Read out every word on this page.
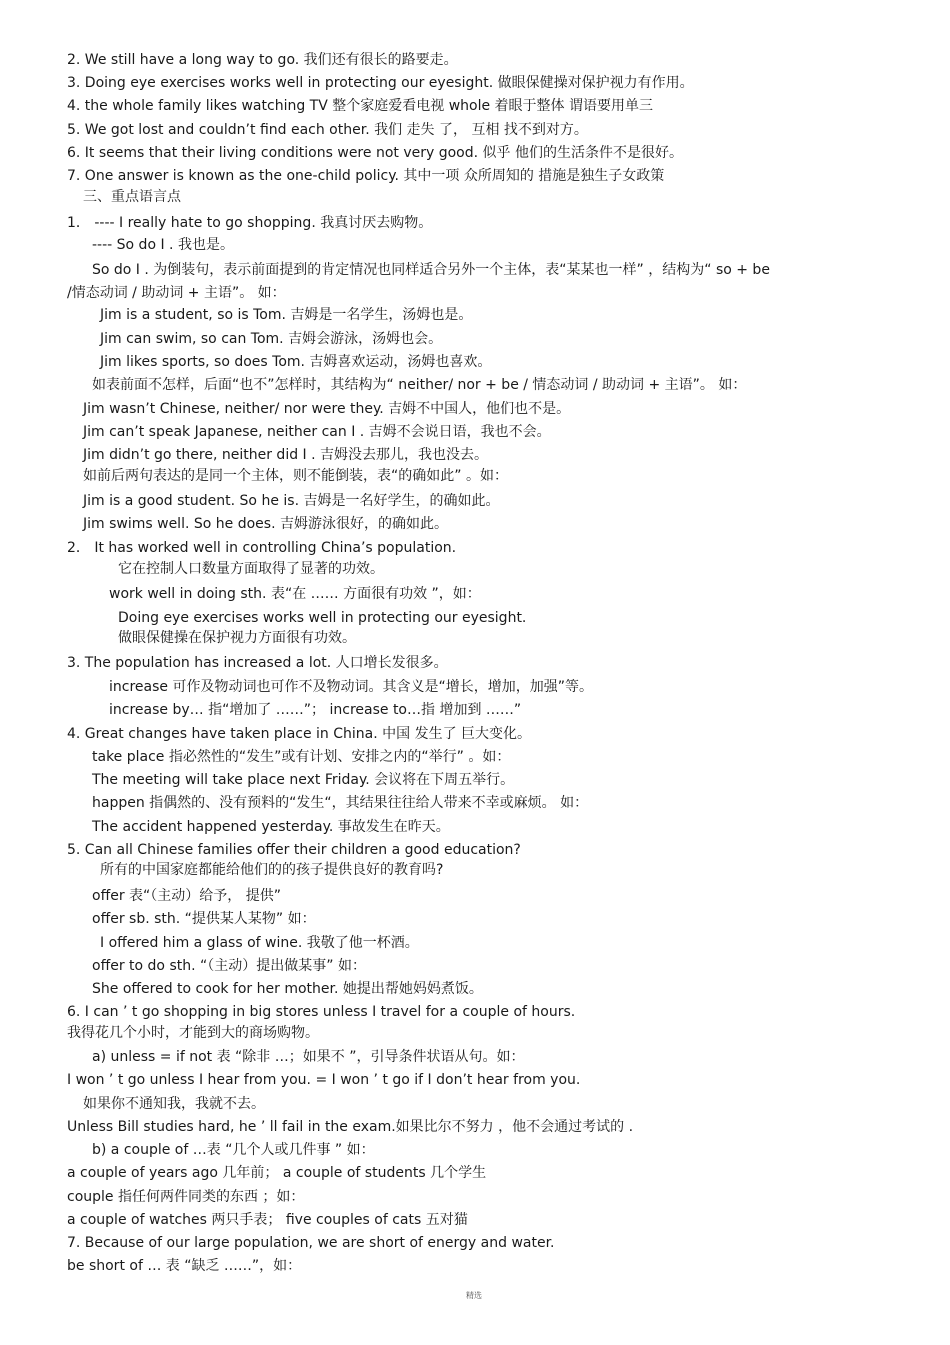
2. We still have a long way to go. 我们还有很长的路要走。
3. Doing eye exercises works well in protecting our eyesight. 做眼保健操对保护视力有作用。
4. the whole family likes watching TV 整个家庭爱看电视 whole 着眼于整体 谓语要用单三
5. We got lost and couldn’t find each other. 我们 走失 了， 互相 找不到对方。
6. It seems that their living conditions were not very good. 似乎 他们的生活条件不是很好。
7. One answer is known as the one-child policy. 其中一项 众所周知的 措施是独生子女政策
三、重点语言点
1． ---- I really hate to go shopping. 我真讨厌去购物。
---- So do I . 我也是。
So do I . 为倒装句，表示前面提到的肯定情况也同样适合另外一个主体，表“某某也一样” ，结构为“ so + be
/情态动词 / 助动词 + 主语”。 如：
Jim is a student, so is Tom. 吉姆是一名学生，汤姆也是。
Jim can swim, so can Tom. 吉姆会游泳，汤姆也会。
Jim likes sports, so does Tom. 吉姆喜欢运动，汤姆也喜欢。
如表前面不怎样，后面“也不”怎样时，其结构为“ neither/ nor + be / 情态动词 / 助动词 + 主语”。 如：
Jim wasn’t Chinese, neither/ nor were they. 吉姆不中国人，他们也不是。
Jim can’t speak Japanese, neither can I . 吉姆不会说日语，我也不会。
Jim didn’t go there, neither did I . 吉姆没去那儿，我也没去。
如前后两句表达的是同一个主体，则不能倒装，表“的确如此” 。如：
Jim is a good student. So he is. 吉姆是一名好学生，的确如此。
Jim swims well. So he does. 吉姆游泳很好，的确如此。
2． It has worked well in controlling China’s population.
它在控制人口数量方面取得了显著的功效。
work well in doing sth. 表“在 …… 方面很有功效 ”，如：
Doing eye exercises works well in protecting our eyesight.
做眼保健操在保护视力方面很有功效。
3. The population has increased a lot. 人口增长发很多。
increase 可作及物动词也可作不及物动词。其含义是“增长，增加，加强”等。
increase by… 指“增加了 ……”； increase to…指 增加到 ……”
4. Great changes have taken place in China. 中国 发生了 巨大变化。
take place 指必然性的“发生”或有计划、安排之内的“举行” 。如：
The meeting will take place next Friday. 会议将在下周五举行。
happen 指偶然的、没有预料的“发生“，其结果往往给人带来不幸或麻烦。 如：
The accident happened yesterday. 事故发生在昨天。
5. Can all Chinese families offer their children a good education?
所有的中国家庭都能给他们的的孩子提供良好的教育吗?
offer 表“（主动）给予， 提供”
offer sb. sth. “提供某人某物” 如：
I offered him a glass of wine. 我敬了他一杯酒。
offer to do sth. “（主动）提出做某事” 如：
She offered to cook for her mother. 她提出帮她妈妈煮饭。
6. I can ’ t go shopping in big stores unless I travel for a couple of hours.
我得花几个小时，才能到大的商场购物。
a) unless = if not 表 “除非 …；如果不 ”，引导条件状语从句。如：
I won ’ t go unless I hear from you. = I won ’ t go if I don’t hear from you.
如果你不通知我，我就不去。
Unless Bill studies hard, he ’ ll fail in the exam.如果比尔不努力 ，他不会通过考试的 .
b) a couple of …表 “几个人或几件事 ” 如：
a couple of years ago 几年前； a couple of students 几个学生
couple 指任何两件同类的东西 ；如：
a couple of watches 两只手表； five couples of cats 五对猫
7. Because of our large population, we are short of energy and water.
be short of … 表 “缺乏 ……”，如：
精选
